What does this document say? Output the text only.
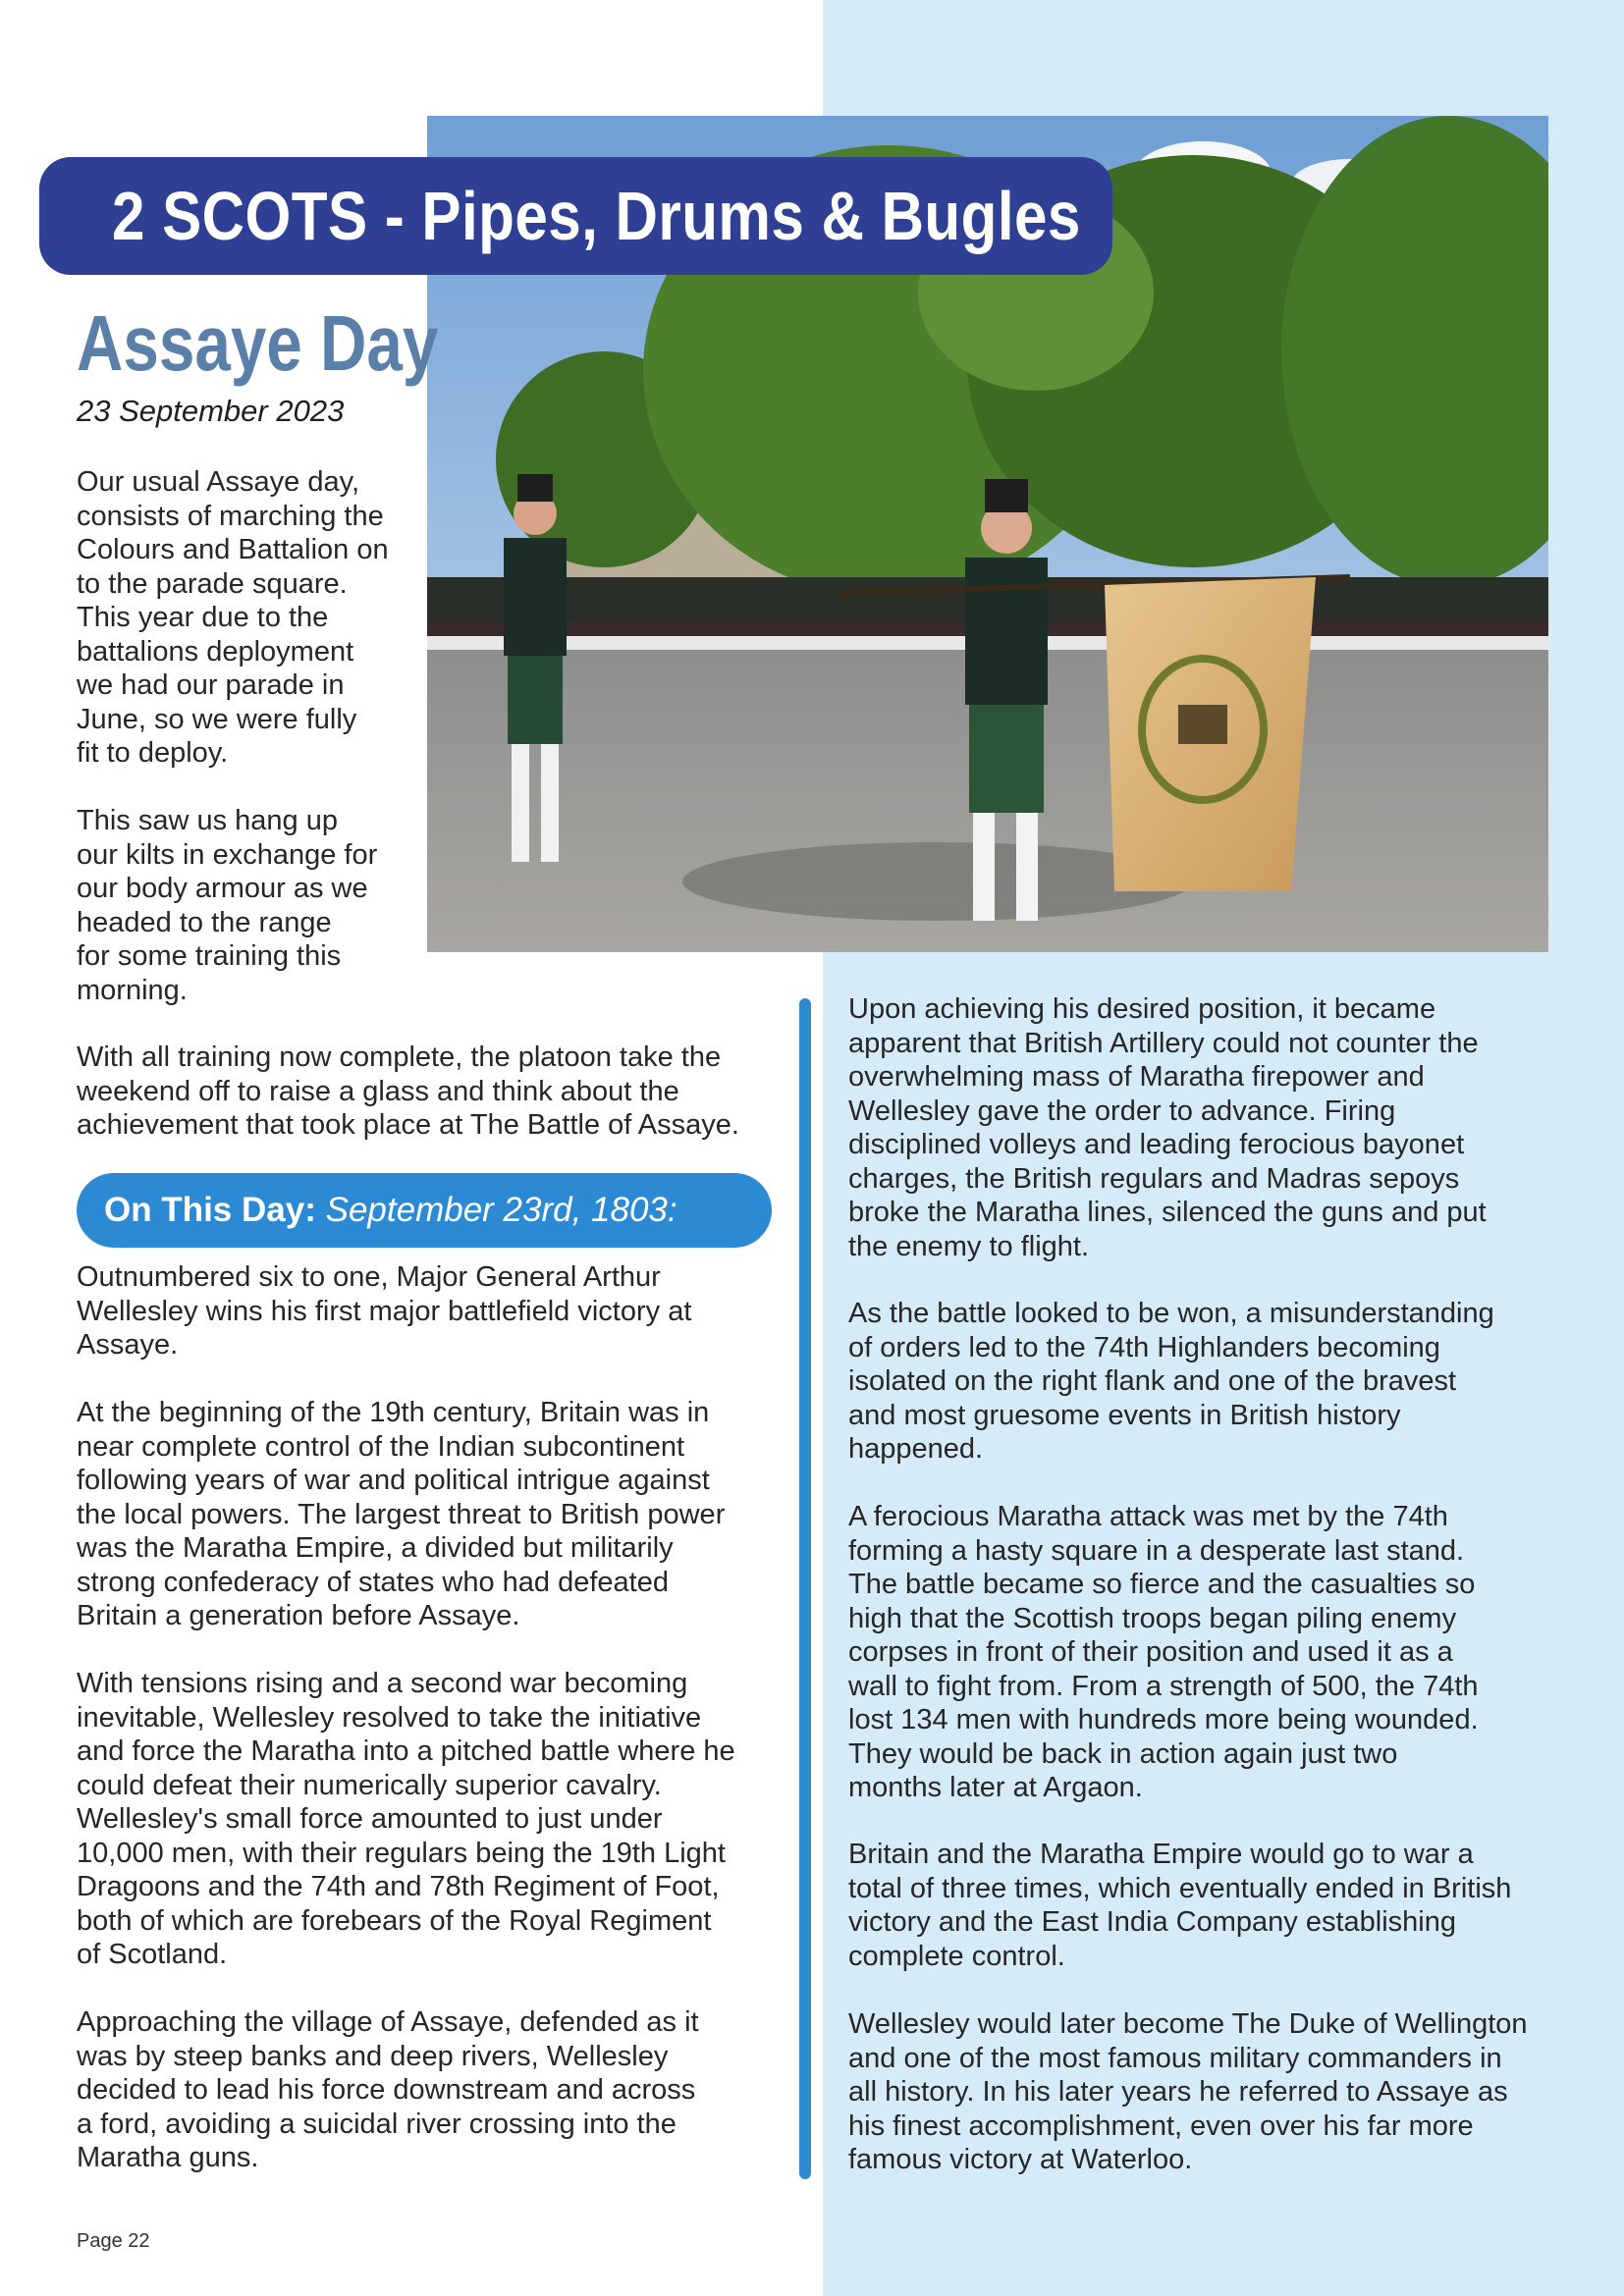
2 SCOTS - Pipes, Drums & Bugles
Assaye Day

23 September 2023

Our usual Assaye day,
consists of marching the
Colours and Battalion on
to the parade square.
This year due to the
battalions deployment
we had our parade in
June, so we were fully
fit to deploy.

This saw us hang up
our kilts in exchange for
our body armour as we
headed to the range
for some training this
morning.

With all training now complete, the platoon take the
weekend off to raise a glass and think about the
achievement that took place at The Battle of Assaye.

On This Day: September 23rd, 1803:

Outnumbered six to one, Major General Arthur
Wellesley wins his first major battlefield victory at
Assaye.

At the beginning of the 19th century, Britain was in
near complete control of the Indian subcontinent
following years of war and political intrigue against
the local powers. The largest threat to British power
was the Maratha Empire, a divided but militarily
strong confederacy of states who had defeated
Britain a generation before Assaye.

With tensions rising and a second war becoming
inevitable, Wellesley resolved to take the initiative
and force the Maratha into a pitched battle where he
could defeat their numerically superior cavalry.
Wellesley's small force amounted to just under
10,000 men, with their regulars being the 19th Light
Dragoons and the 74th and 78th Regiment of Foot,
both of which are forebears of the Royal Regiment
of Scotland.

Approaching the village of Assaye, defended as it
was by steep banks and deep rivers, Wellesley
decided to lead his force downstream and across
a ford, avoiding a suicidal river crossing into the
Maratha guns.

Upon achieving his desired position, it became
apparent that British Artillery could not counter the
overwhelming mass of Maratha firepower and
Wellesley gave the order to advance. Firing
disciplined volleys and leading ferocious bayonet
charges, the British regulars and Madras sepoys
broke the Maratha lines, silenced the guns and put
the enemy to flight.

As the battle looked to be won, a misunderstanding
of orders led to the 74th Highlanders becoming
isolated on the right flank and one of the bravest
and most gruesome events in British history
happened.

A ferocious Maratha attack was met by the 74th
forming a hasty square in a desperate last stand.
The battle became so fierce and the casualties so
high that the Scottish troops began piling enemy
corpses in front of their position and used it as a
wall to fight from. From a strength of 500, the 74th
lost 134 men with hundreds more being wounded.
They would be back in action again just two
months later at Argaon.

Britain and the Maratha Empire would go to war a
total of three times, which eventually ended in British
victory and the East India Company establishing
complete control.

Wellesley would later become The Duke of Wellington
and one of the most famous military commanders in
all history. In his later years he referred to Assaye as
his finest accomplishment, even over his far more
famous victory at Waterloo.

Page 22
